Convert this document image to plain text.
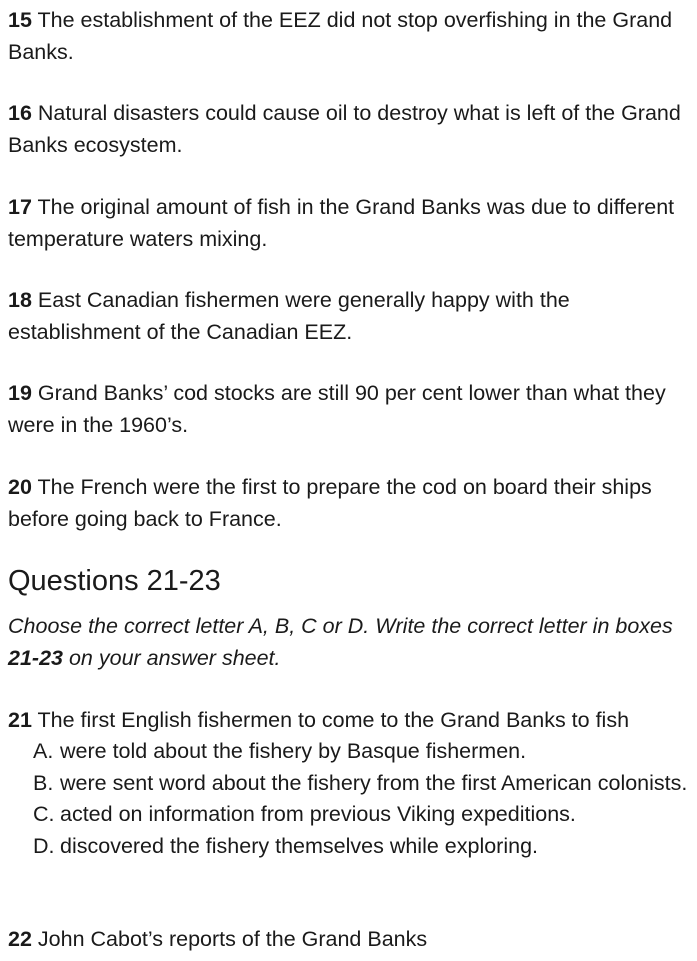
15 The establishment of the EEZ did not stop overfishing in the Grand Banks.

16 Natural disasters could cause oil to destroy what is left of the Grand Banks ecosystem.

17 The original amount of fish in the Grand Banks was due to different temperature waters mixing.

18 East Canadian fishermen were generally happy with the establishment of the Canadian EEZ.

19 Grand Banks’ cod stocks are still 90 per cent lower than what they were in the 1960’s.

20 The French were the first to prepare the cod on board their ships before going back to France.

Questions 21-23

Choose the correct letter A, B, C or D. Write the correct letter in boxes 21-23 on your answer sheet.

21 The first English fishermen to come to the Grand Banks to fish

A. were told about the fishery by Basque fishermen.
B. were sent word about the fishery from the first American colonists.
C. acted on information from previous Viking expeditions.
D. discovered the fishery themselves while exploring.

22 John Cabot’s reports of the Grand Banks
